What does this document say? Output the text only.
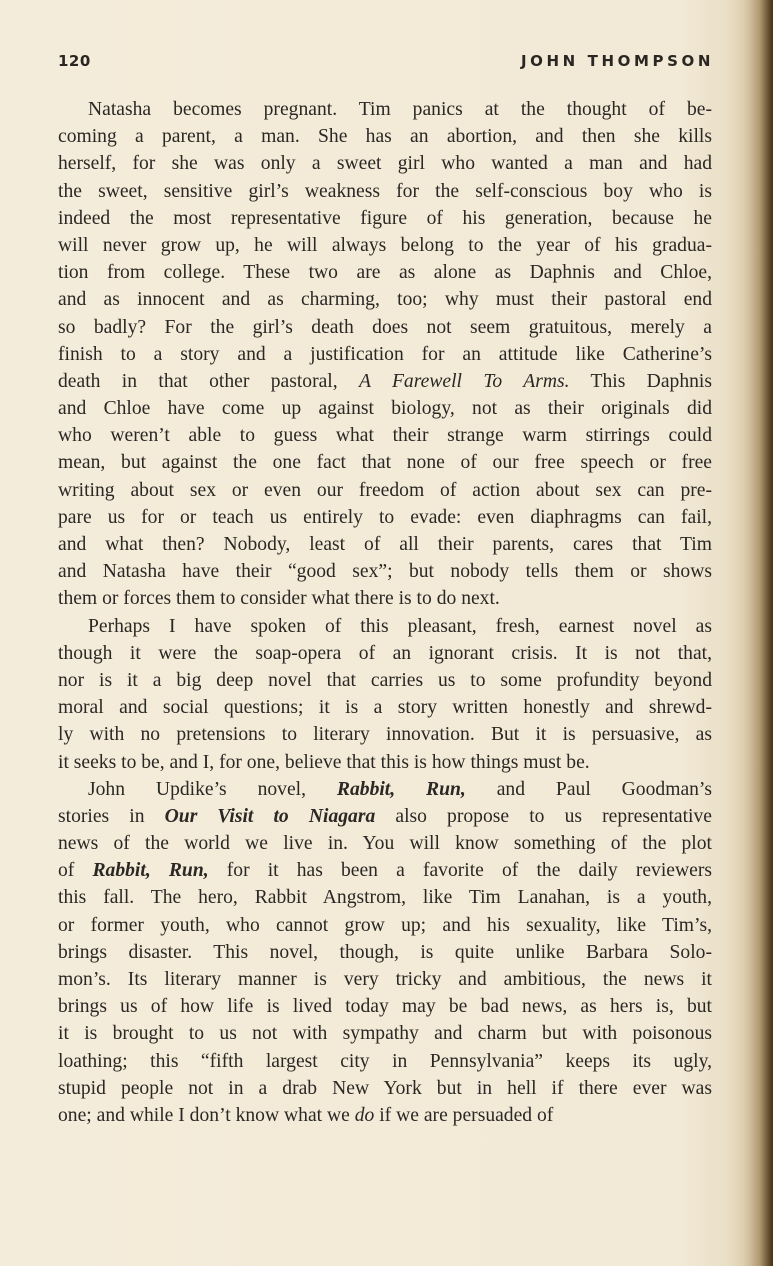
120	JOHN THOMPSON
Natasha becomes pregnant. Tim panics at the thought of be-
coming a parent, a man. She has an abortion, and then she kills
herself, for she was only a sweet girl who wanted a man and had
the sweet, sensitive girl’s weakness for the self-conscious boy who is
indeed the most representative figure of his generation, because he
will never grow up, he will always belong to the year of his gradua-
tion from college. These two are as alone as Daphnis and Chloe,
and as innocent and as charming, too; why must their pastoral end
so badly? For the girl’s death does not seem gratuitous, merely a
finish to a story and a justification for an attitude like Catherine’s
death in that other pastoral, A Farewell To Arms. This Daphnis
and Chloe have come up against biology, not as their originals did
who weren’t able to guess what their strange warm stirrings could
mean, but against the one fact that none of our free speech or free
writing about sex or even our freedom of action about sex can pre-
pare us for or teach us entirely to evade: even diaphragms can fail,
and what then? Nobody, least of all their parents, cares that Tim
and Natasha have their “good sex”; but nobody tells them or shows
them or forces them to consider what there is to do next.
Perhaps I have spoken of this pleasant, fresh, earnest novel as
though it were the soap-opera of an ignorant crisis. It is not that,
nor is it a big deep novel that carries us to some profundity beyond
moral and social questions; it is a story written honestly and shrewd-
ly with no pretensions to literary innovation. But it is persuasive, as
it seeks to be, and I, for one, believe that this is how things must be.
John Updike’s novel, Rabbit, Run, and Paul Goodman’s
stories in Our Visit to Niagara also propose to us representative
news of the world we live in. You will know something of the plot
of Rabbit, Run, for it has been a favorite of the daily reviewers
this fall. The hero, Rabbit Angstrom, like Tim Lanahan, is a youth,
or former youth, who cannot grow up; and his sexuality, like Tim’s,
brings disaster. This novel, though, is quite unlike Barbara Solo-
mon’s. Its literary manner is very tricky and ambitious, the news it
brings us of how life is lived today may be bad news, as hers is, but
it is brought to us not with sympathy and charm but with poisonous
loathing; this “fifth largest city in Pennsylvania” keeps its ugly,
stupid people not in a drab New York but in hell if there ever was
one; and while I don’t know what we do if we are persuaded of
